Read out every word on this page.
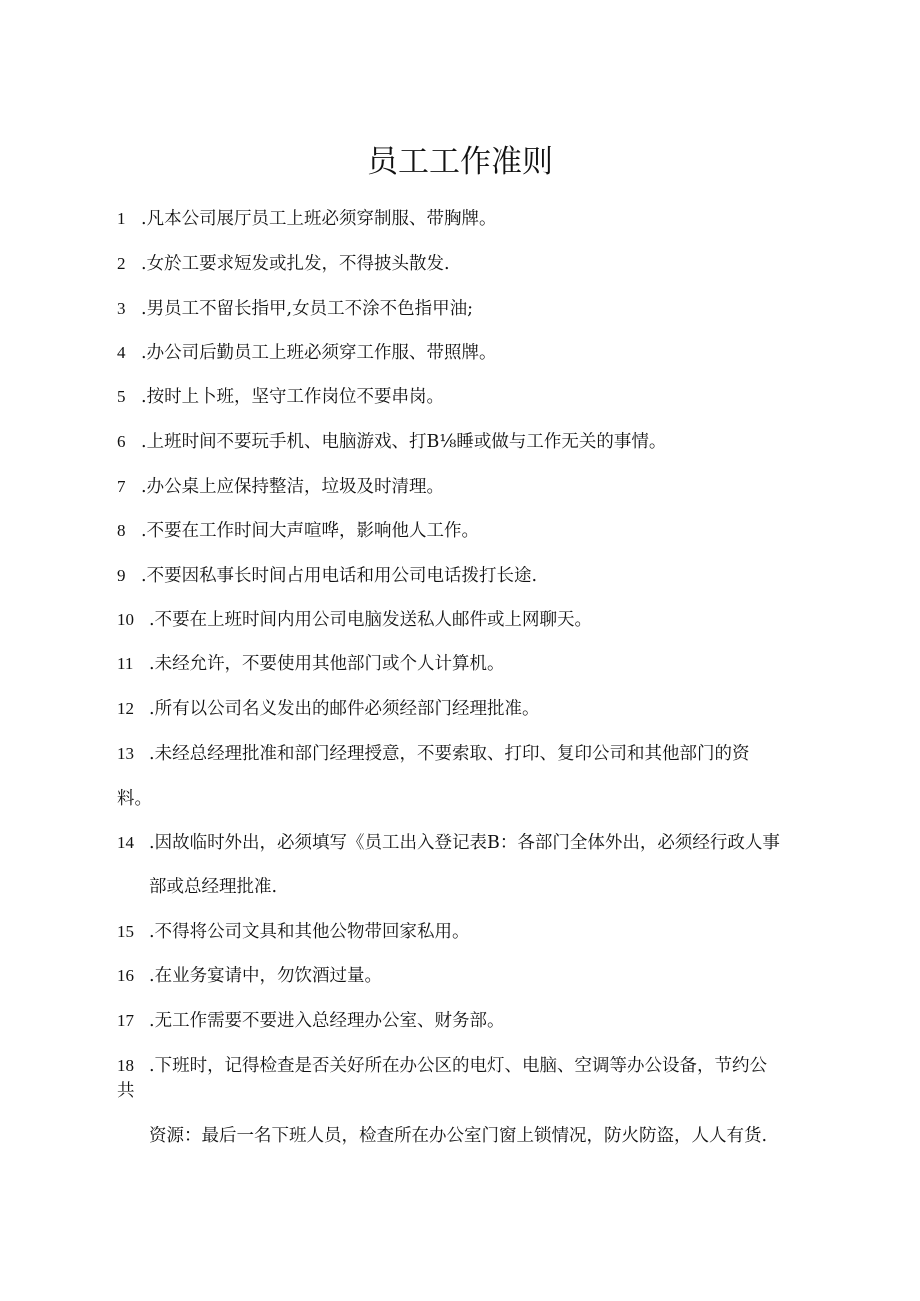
员工工作准则
1 .凡本公司展厅员工上班必须穿制服、带胸牌。
2 .女於工要求短发或扎发，不得披头散发.
3 .男员工不留长指甲,女员工不涂不色指甲油;
4 .办公司后勤员工上班必须穿工作服、带照牌。
5 .按时上卜班，坚守工作岗位不要串岗。
6 .上班时间不要玩手机、电脑游戏、打B⅛睡或做与工作无关的事情。
7 .办公桌上应保持整洁，垃圾及时清理。
8 .不要在工作时间大声喧哗，影响他人工作。
9 .不要因私事长时间占用电话和用公司电话拨打长途.
10 .不要在上班时间内用公司电脑发送私人邮件或上网聊天。
11 .未经允许，不要使用其他部门或个人计算机。
12 .所有以公司名义发出的邮件必须经部门经理批准。
13 .未经总经理批准和部门经理授意，不要索取、打印、复印公司和其他部门的资
料。
14 .因故临时外出，必须填写《员工出入登记表B：各部门全体外出，必须经行政人事
部或总经理批准.
15 .不得将公司文具和其他公物带回家私用。
16 .在业务宴请中，勿饮酒过量。
17 .无工作需要不要进入总经理办公室、财务部。
18 .下班时，记得检查是否关好所在办公区的电灯、电脑、空调等办公设备，节约公
共
资源：最后一名下班人员，检查所在办公室门窗上锁情况，防火防盗，人人有货.
